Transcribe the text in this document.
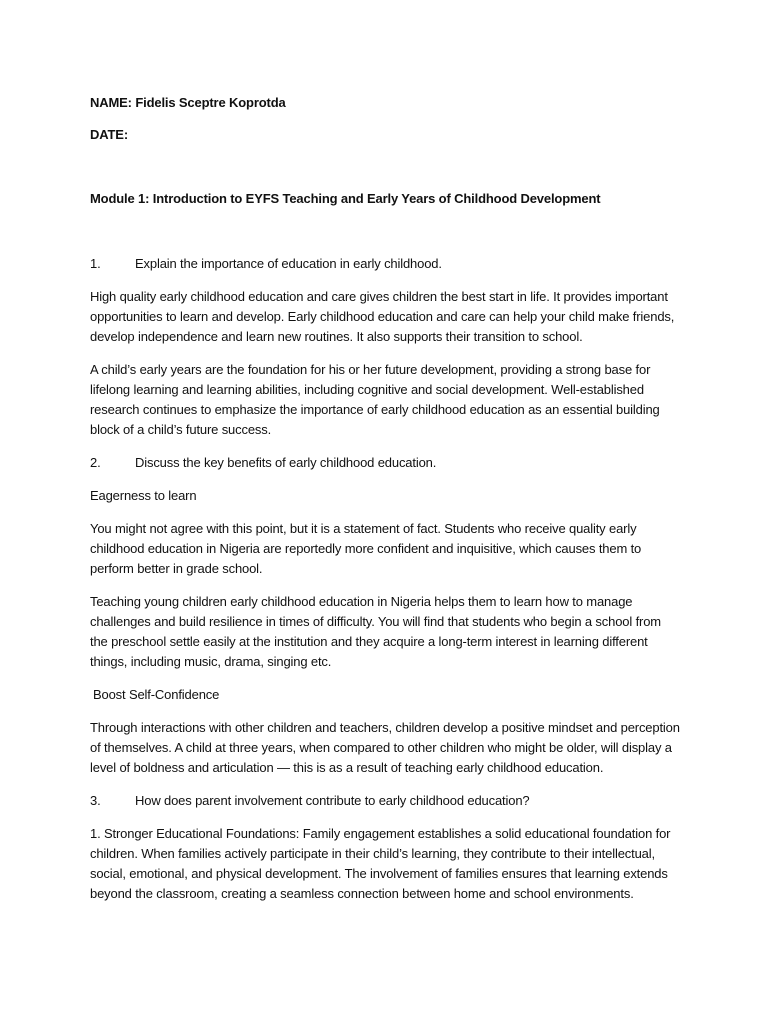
NAME: Fidelis Sceptre Koprotda
DATE:
Module 1: Introduction to EYFS Teaching and Early Years of Childhood Development
1.	Explain the importance of education in early childhood.

High quality early childhood education and care gives children the best start in life. It provides important opportunities to learn and develop. Early childhood education and care can help your child make friends, develop independence and learn new routines. It also supports their transition to school.

A child’s early years are the foundation for his or her future development, providing a strong base for lifelong learning and learning abilities, including cognitive and social development. Well-established research continues to emphasize the importance of early childhood education as an essential building block of a child’s future success.

2.	Discuss the key benefits of early childhood education.
Eagerness to learn

You might not agree with this point, but it is a statement of fact. Students who receive quality early childhood education in Nigeria are reportedly more confident and inquisitive, which causes them to perform better in grade school.

Teaching young children early childhood education in Nigeria helps them to learn how to manage challenges and build resilience in times of difficulty. You will find that students who begin a school from the preschool settle easily at the institution and they acquire a long-term interest in learning different things, including music, drama, singing etc.

Boost Self-Confidence

Through interactions with other children and teachers, children develop a positive mindset and perception of themselves. A child at three years, when compared to other children who might be older, will display a level of boldness and articulation — this is as a result of teaching early childhood education.

3.	How does parent involvement contribute to early childhood education?

1. Stronger Educational Foundations: Family engagement establishes a solid educational foundation for children. When families actively participate in their child’s learning, they contribute to their intellectual, social, emotional, and physical development. The involvement of families ensures that learning extends beyond the classroom, creating a seamless connection between home and school environments.
